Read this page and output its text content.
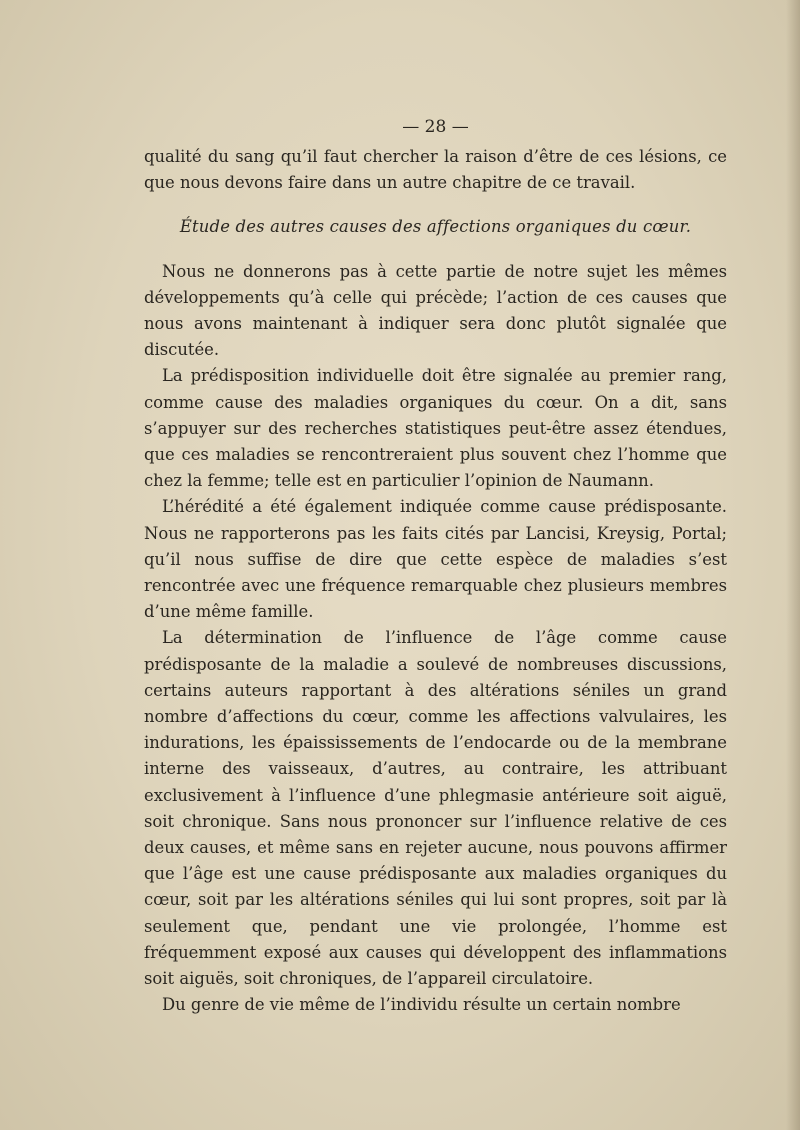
— 28 —

qualité du sang qu’il faut chercher la raison d’être de ces lésions, ce que nous devons faire dans un autre chapitre de ce travail.

Étude des autres causes des affections organiques du cœur.

Nous ne donnerons pas à cette partie de notre sujet les mêmes développements qu’à celle qui précède; l’action de ces causes que nous avons maintenant à indiquer sera donc plutôt signalée que discutée.

La prédisposition individuelle doit être signalée au premier rang, comme cause des maladies organiques du cœur. On a dit, sans s’appuyer sur des recherches statistiques peut-être assez étendues, que ces maladies se rencontreraient plus souvent chez l’homme que chez la femme; telle est en particulier l’opinion de Naumann.

L’hérédité a été également indiquée comme cause prédisposante. Nous ne rapporterons pas les faits cités par Lancisi, Kreysig, Portal; qu’il nous suffise de dire que cette espèce de maladies s’est rencontrée avec une fréquence remarquable chez plusieurs membres d’une même famille.

La détermination de l’influence de l’âge comme cause prédisposante de la maladie a soulevé de nombreuses discussions, certains auteurs rapportant à des altérations séniles un grand nombre d’affections du cœur, comme les affections valvulaires, les indurations, les épaississements de l’endocarde ou de la membrane interne des vaisseaux, d’autres, au contraire, les attribuant exclusivement à l’influence d’une phlegmasie antérieure soit aiguë, soit chronique. Sans nous prononcer sur l’influence relative de ces deux causes, et même sans en rejeter aucune, nous pouvons affirmer que l’âge est une cause prédisposante aux maladies organiques du cœur, soit par les altérations séniles qui lui sont propres, soit par là seulement que, pendant une vie prolongée, l’homme est fréquemment exposé aux causes qui développent des inflammations soit aiguës, soit chroniques, de l’appareil circulatoire.

Du genre de vie même de l’individu résulte un certain nombre
